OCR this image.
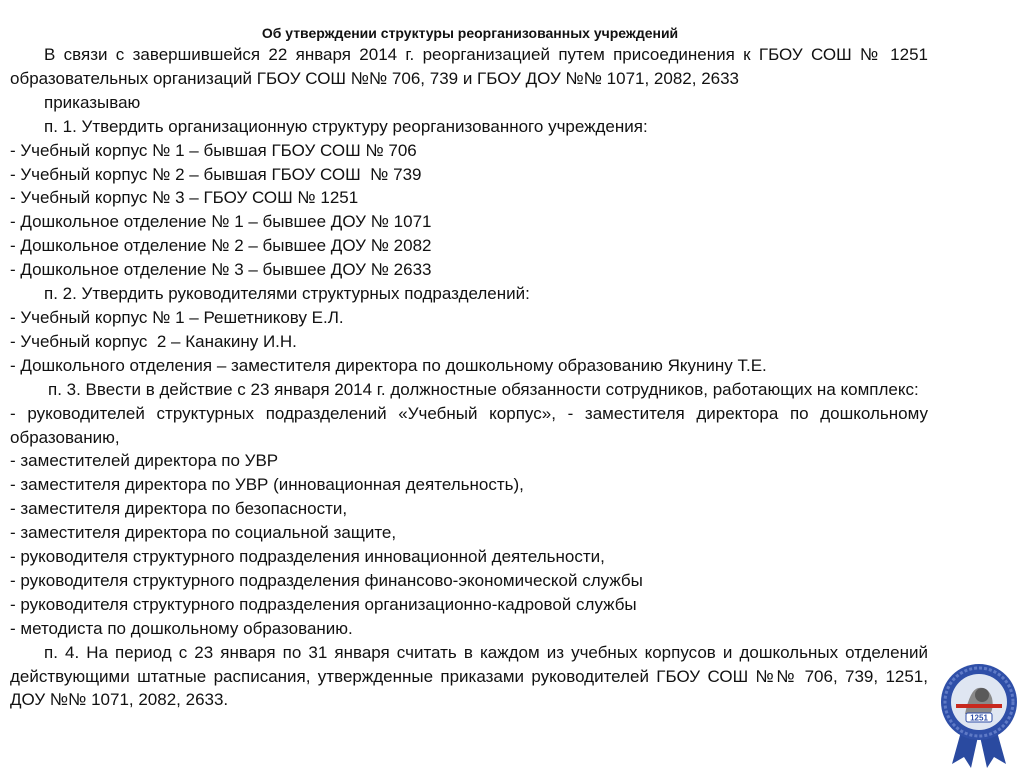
Об утверждении структуры реорганизованных учреждений
В связи с завершившейся 22 января 2014 г. реорганизацией путем присоединения к ГБОУ СОШ № 1251 образовательных организаций ГБОУ СОШ №№ 706, 739 и ГБОУ ДОУ №№ 1071, 2082, 2633
приказываю
п. 1. Утвердить организационную структуру реорганизованного учреждения:
- Учебный корпус № 1 – бывшая ГБОУ СОШ № 706
- Учебный корпус № 2 – бывшая ГБОУ СОШ  № 739
- Учебный корпус № 3 – ГБОУ СОШ № 1251
- Дошкольное отделение № 1 – бывшее ДОУ № 1071
- Дошкольное отделение № 2 – бывшее ДОУ № 2082
- Дошкольное отделение № 3 – бывшее ДОУ № 2633
п. 2. Утвердить руководителями структурных подразделений:
- Учебный корпус № 1 – Решетникову Е.Л.
- Учебный корпус  2 – Канакину И.Н.
- Дошкольного отделения – заместителя директора по дошкольному образованию Якунину Т.Е.
п. 3. Ввести в действие с 23 января 2014 г. должностные обязанности сотрудников, работающих на комплекс:
- руководителей структурных подразделений «Учебный корпус», - заместителя директора по дошкольному образованию,
- заместителей директора по УВР
- заместителя директора по УВР (инновационная деятельность),
- заместителя директора по безопасности,
- заместителя директора по социальной защите,
- руководителя структурного подразделения инновационной деятельности,
- руководителя структурного подразделения финансово-экономической службы
- руководителя структурного подразделения организационно-кадровой службы
- методиста по дошкольному образованию.
п. 4. На период с 23 января по 31 января считать в каждом из учебных корпусов и дошкольных отделений действующими штатные расписания, утвержденные приказами руководителей ГБОУ СОШ №№ 706, 739, 1251, ДОУ №№ 1071, 2082, 2633.
1251
